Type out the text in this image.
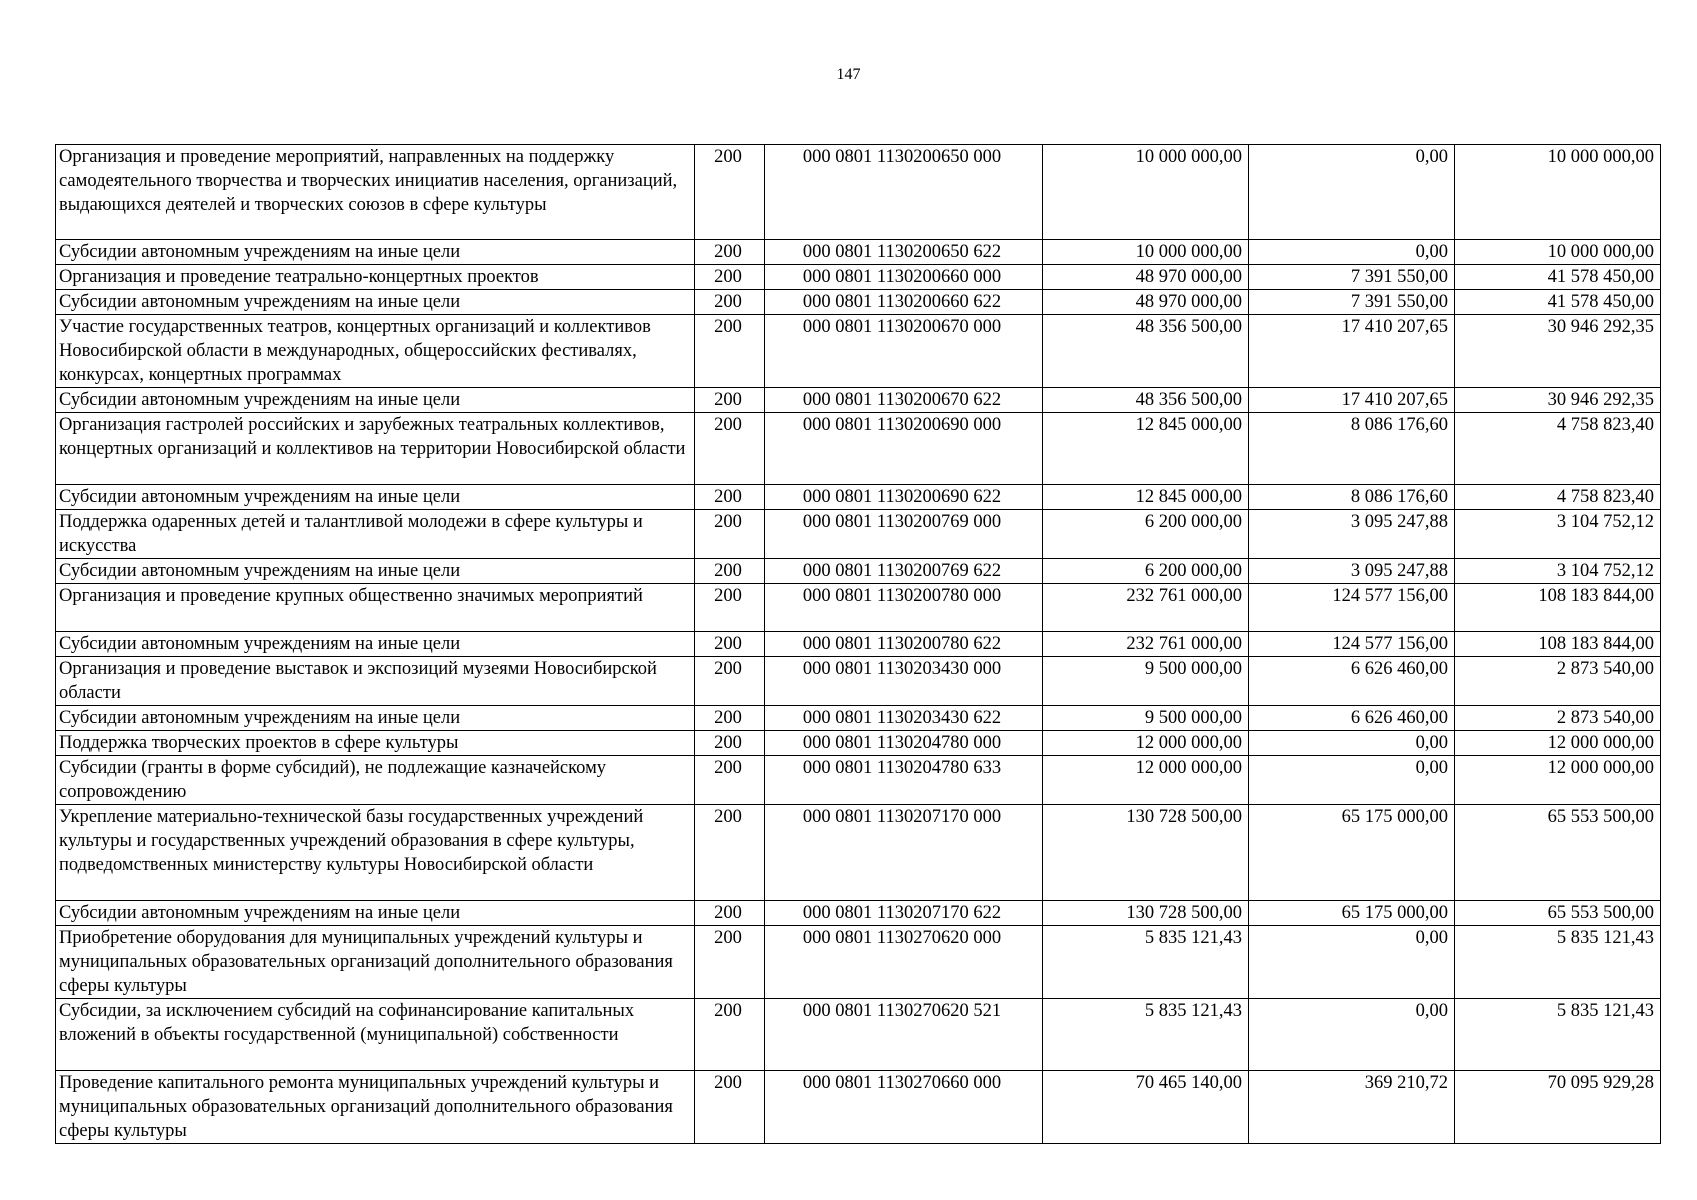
147
Организация и проведение мероприятий, направленных на поддержку самодеятельного творчества и творческих инициатив населения, организаций, выдающихся деятелей и творческих союзов в сфере культуры	200	000 0801 1130200650 000	10 000 000,00	0,00	10 000 000,00
Субсидии автономным учреждениям на иные цели	200	000 0801 1130200650 622	10 000 000,00	0,00	10 000 000,00
Организация и проведение театрально-концертных проектов	200	000 0801 1130200660 000	48 970 000,00	7 391 550,00	41 578 450,00
Субсидии автономным учреждениям на иные цели	200	000 0801 1130200660 622	48 970 000,00	7 391 550,00	41 578 450,00
Участие государственных театров, концертных организаций и коллективов Новосибирской области в международных, общероссийских фестивалях, конкурсах, концертных программах	200	000 0801 1130200670 000	48 356 500,00	17 410 207,65	30 946 292,35
Субсидии автономным учреждениям на иные цели	200	000 0801 1130200670 622	48 356 500,00	17 410 207,65	30 946 292,35
Организация гастролей российских и зарубежных театральных коллективов, концертных организаций и коллективов на территории Новосибирской области	200	000 0801 1130200690 000	12 845 000,00	8 086 176,60	4 758 823,40
Субсидии автономным учреждениям на иные цели	200	000 0801 1130200690 622	12 845 000,00	8 086 176,60	4 758 823,40
Поддержка одаренных детей и талантливой молодежи в сфере культуры и искусства	200	000 0801 1130200769 000	6 200 000,00	3 095 247,88	3 104 752,12
Субсидии автономным учреждениям на иные цели	200	000 0801 1130200769 622	6 200 000,00	3 095 247,88	3 104 752,12
Организация и проведение крупных общественно значимых мероприятий	200	000 0801 1130200780 000	232 761 000,00	124 577 156,00	108 183 844,00
Субсидии автономным учреждениям на иные цели	200	000 0801 1130200780 622	232 761 000,00	124 577 156,00	108 183 844,00
Организация и проведение выставок и экспозиций музеями Новосибирской области	200	000 0801 1130203430 000	9 500 000,00	6 626 460,00	2 873 540,00
Субсидии автономным учреждениям на иные цели	200	000 0801 1130203430 622	9 500 000,00	6 626 460,00	2 873 540,00
Поддержка творческих проектов в сфере культуры	200	000 0801 1130204780 000	12 000 000,00	0,00	12 000 000,00
Субсидии (гранты в форме субсидий), не подлежащие казначейскому сопровождению	200	000 0801 1130204780 633	12 000 000,00	0,00	12 000 000,00
Укрепление материально-технической базы государственных учреждений культуры и государственных учреждений образования в сфере культуры, подведомственных министерству культуры Новосибирской области	200	000 0801 1130207170 000	130 728 500,00	65 175 000,00	65 553 500,00
Субсидии автономным учреждениям на иные цели	200	000 0801 1130207170 622	130 728 500,00	65 175 000,00	65 553 500,00
Приобретение оборудования для муниципальных учреждений культуры и муниципальных образовательных организаций дополнительного образования сферы культуры	200	000 0801 1130270620 000	5 835 121,43	0,00	5 835 121,43
Субсидии, за исключением субсидий на софинансирование капитальных вложений в объекты государственной (муниципальной) собственности	200	000 0801 1130270620 521	5 835 121,43	0,00	5 835 121,43
Проведение капитального ремонта муниципальных учреждений культуры и муниципальных образовательных организаций дополнительного образования сферы культуры	200	000 0801 1130270660 000	70 465 140,00	369 210,72	70 095 929,28
